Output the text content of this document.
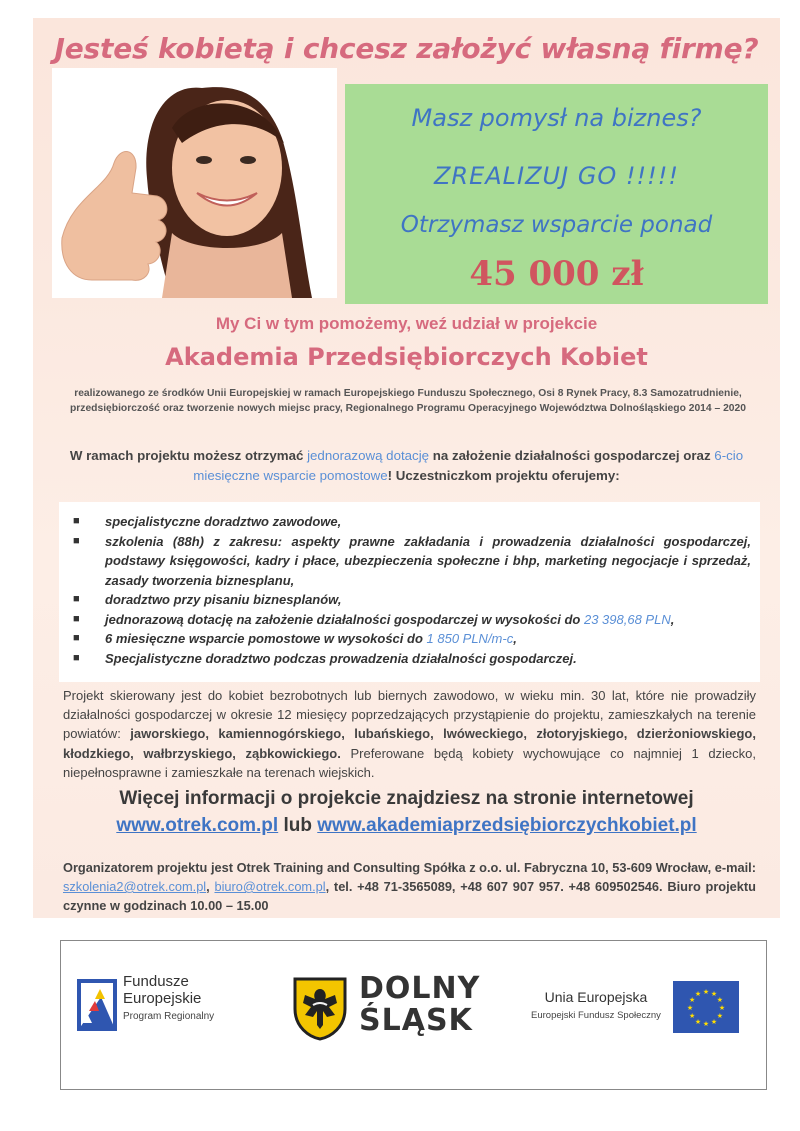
Jesteś kobietą i chcesz założyć własną firmę?
Masz pomysł na biznes?
ZREALIZUJ GO !!!!!
Otrzymasz wsparcie ponad
45 000 zł
My Ci w tym pomożemy, weź udział w projekcie
Akademia Przedsiębiorczych Kobiet
realizowanego ze środków Unii Europejskiej w ramach Europejskiego Funduszu Społecznego, Osi 8 Rynek Pracy, 8.3 Samozatrudnienie, przedsiębiorczość oraz tworzenie nowych miejsc pracy, Regionalnego Programu Operacyjnego Województwa Dolnośląskiego 2014 – 2020
W ramach projektu możesz otrzymać jednorazową dotację na założenie działalności gospodarczej oraz 6-cio miesięczne wsparcie pomostowe! Uczestniczkom projektu oferujemy:
■ specjalistyczne doradztwo zawodowe,
■ szkolenia (88h) z zakresu: aspekty prawne zakładania i prowadzenia działalności gospodarczej, podstawy księgowości, kadry i płace, ubezpieczenia społeczne i bhp, marketing negocjacje i sprzedaż, zasady tworzenia biznesplanu,
■ doradztwo przy pisaniu biznesplanów,
■ jednorazową dotację na założenie działalności gospodarczej w wysokości do 23 398,68 PLN,
■ 6 miesięczne wsparcie pomostowe w wysokości do 1 850 PLN/m-c,
■ Specjalistyczne doradztwo podczas prowadzenia działalności gospodarczej.
Projekt skierowany jest do kobiet bezrobotnych lub biernych zawodowo, w wieku min. 30 lat, które nie prowadziły działalności gospodarczej w okresie 12 miesięcy poprzedzających przystąpienie do projektu, zamieszkałych na terenie powiatów: jaworskiego, kamiennogórskiego, lubańskiego, lwóweckiego, złotoryjskiego, dzierżoniowskiego, kłodzkiego, wałbrzyskiego, ząbkowickiego. Preferowane będą kobiety wychowujące co najmniej 1 dziecko, niepełnosprawne i zamieszkałe na terenach wiejskich.
Więcej informacji o projekcie znajdziesz na stronie internetowej
www.otrek.com.pl lub www.akademiaprzedsiębiorczychkobiet.pl
Organizatorem projektu jest Otrek Training and Consulting Spółka z o.o. ul. Fabryczna 10, 53-609 Wrocław, e-mail: szkolenia2@otrek.com.pl, biuro@otrek.com.pl, tel. +48 71-3565089, +48 607 907 957. +48 609502546. Biuro projektu czynne w godzinach 10.00 – 15.00
Fundusze
Europejskie
Program Regionalny
DOLNY
ŚLĄSK
Unia Europejska
Europejski Fundusz Społeczny
★
★
★
★
★
★
★
★
★ ★ ★
★
